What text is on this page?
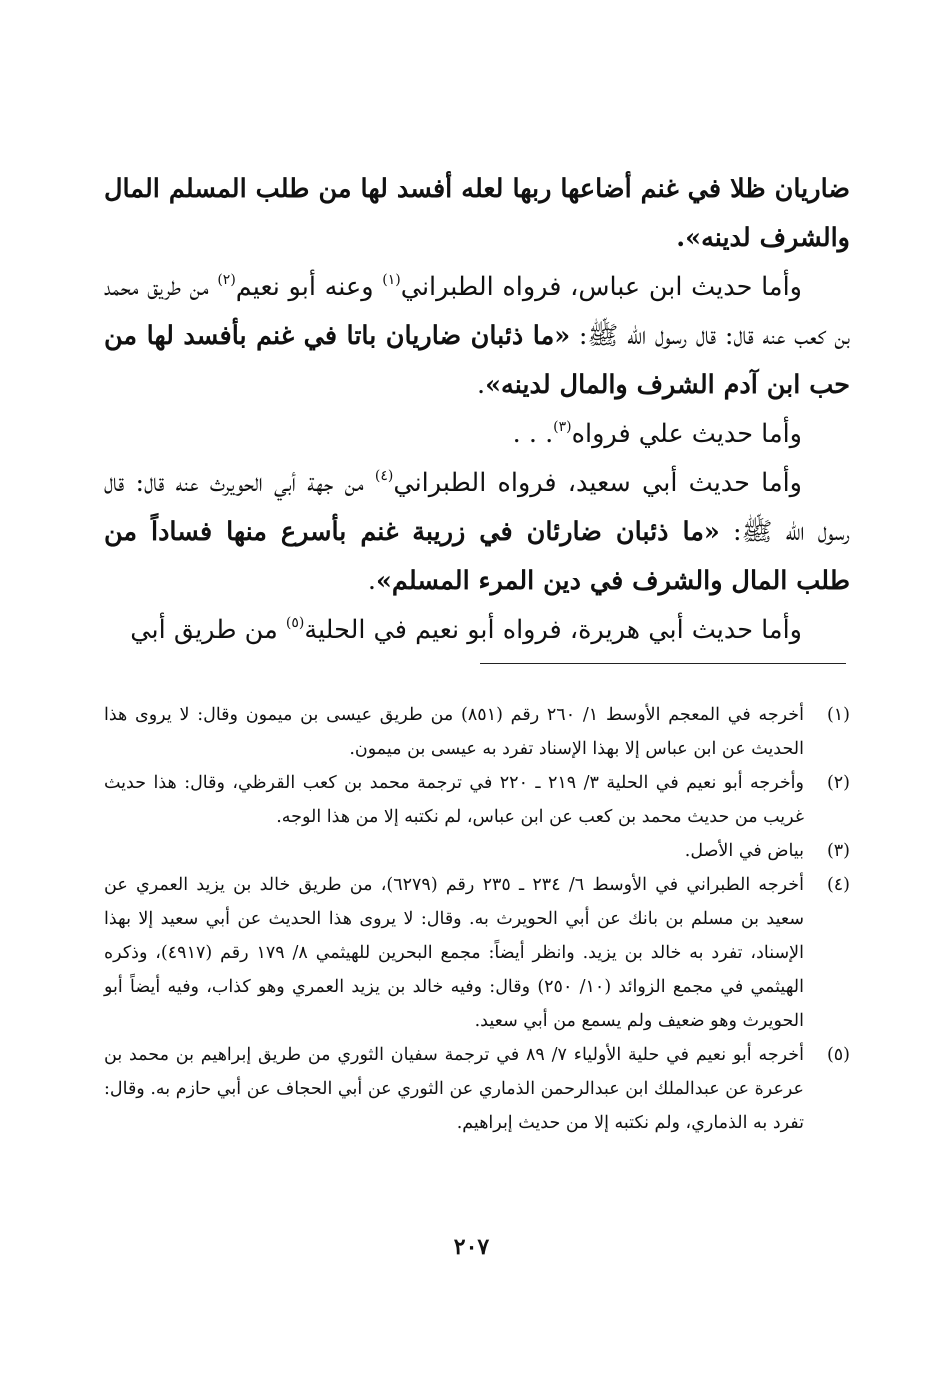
ضاريان ظلا في غنم أضاعها ربها لعله أفسد لها من طلب المسلم المال والشرف لدينه».

وأما حديث ابن عباس، فرواه الطبراني$^{(١)}$ وعنه أبو نعيم$^{(٢)}$ من طريق محمد بن كعب عنه قال: قال رسول الله ﷺ: «ما ذئبان ضاريان باتا في غنم بأفسد لها من حب ابن آدم الشرف والمال لدينه».

وأما حديث علي فرواه$^{(٣)}$. . .

وأما حديث أبي سعيد، فرواه الطبراني$^{(٤)}$ من جهة أبي الحويرث عنه قال: قال رسول الله ﷺ: «ما ذئبان ضارئان في زريبة غنم بأسرع منها فساداً من طلب المال والشرف في دين المرء المسلم».

وأما حديث أبي هريرة، فرواه أبو نعيم في الحلية$^{(٥)}$ من طريق أبي

(١)
أخرجه في المعجم الأوسط ١/ ٢٦٠ رقم (٨٥١) من طريق عيسى بن ميمون وقال: لا يروى هذا الحديث عن ابن عباس إلا بهذا الإسناد تفرد به عيسى بن ميمون.
(٢)
وأخرجه أبو نعيم في الحلية ٣/ ٢١٩ ـ ٢٢٠ في ترجمة محمد بن كعب القرظي، وقال: هذا حديث غريب من حديث محمد بن كعب عن ابن عباس، لم نكتبه إلا من هذا الوجه.
(٣)
بياض في الأصل.
(٤)
أخرجه الطبراني في الأوسط ٦/ ٢٣٤ ـ ٢٣٥ رقم (٦٢٧٩)، من طريق خالد بن يزيد العمري عن سعيد بن مسلم بن بانك عن أبي الحويرث به. وقال: لا يروى هذا الحديث عن أبي سعيد إلا بهذا الإسناد، تفرد به خالد بن يزيد. وانظر أيضاً: مجمع البحرين للهيثمي ٨/ ١٧٩ رقم (٤٩١٧)، وذكره الهيثمي في مجمع الزوائد (١٠/ ٢٥٠) وقال: وفيه خالد بن يزيد العمري وهو كذاب، وفيه أيضاً أبو الحويرث وهو ضعيف ولم يسمع من أبي سعيد.
(٥)
أخرجه أبو نعيم في حلية الأولياء ٧/ ٨٩ في ترجمة سفيان الثوري من طريق إبراهيم بن محمد بن عرعرة عن عبدالملك ابن عبدالرحمن الذماري عن الثوري عن أبي الحجاف عن أبي حازم به. وقال: تفرد به الذماري، ولم نكتبه إلا من حديث إبراهيم.
٢٠٧
